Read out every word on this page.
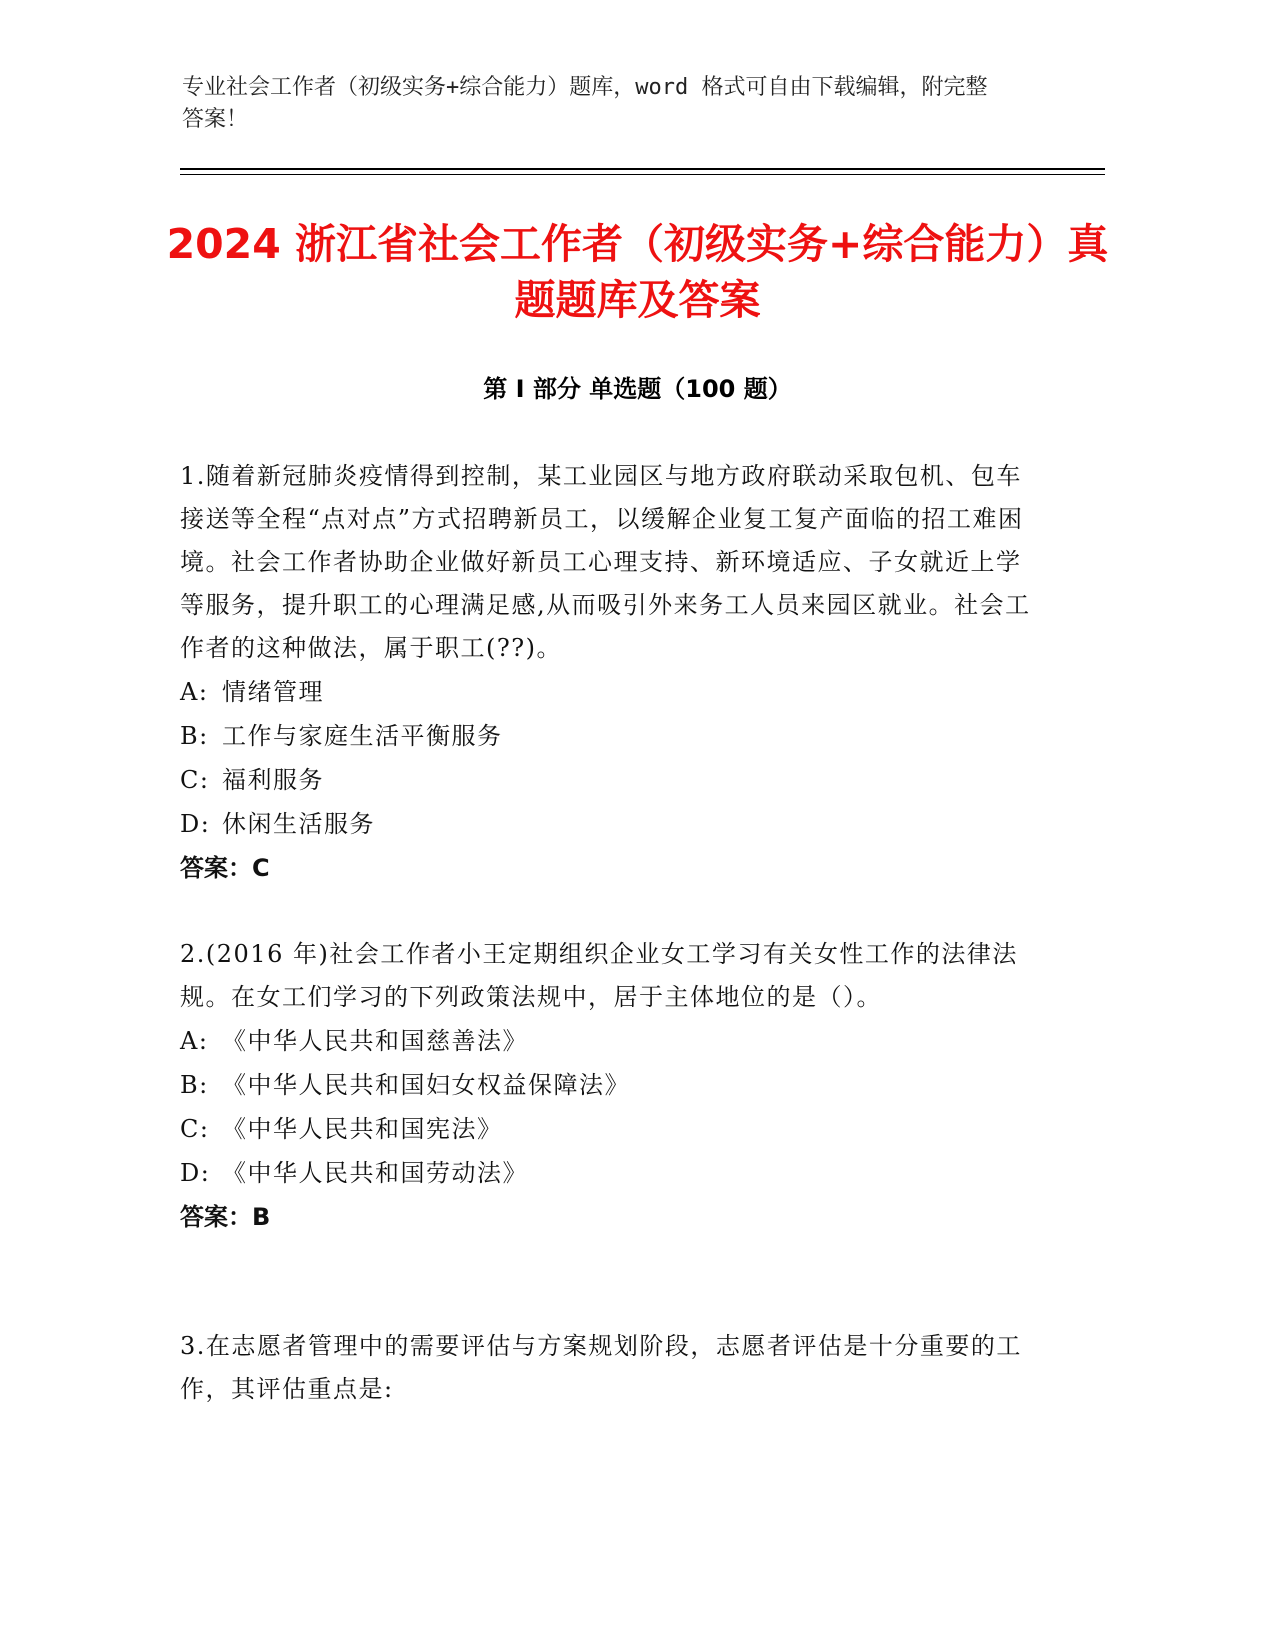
专业社会工作者（初级实务+综合能力）题库，word 格式可自由下载编辑，附完整
答案！
2024 浙江省社会工作者（初级实务+综合能力）真题题库及答案
第 I 部分 单选题（100 题）
1.随着新冠肺炎疫情得到控制，某工业园区与地方政府联动采取包机、包车接送等全程“点对点”方式招聘新员工，以缓解企业复工复产面临的招工难困境。社会工作者协助企业做好新员工心理支持、新环境适应、子女就近上学等服务，提升职工的心理满足感,从而吸引外来务工人员来园区就业。社会工作者的这种做法，属于职工(??)。
A: 情绪管理
B: 工作与家庭生活平衡服务
C: 福利服务
D: 休闲生活服务
答案：C
2.(2016 年)社会工作者小王定期组织企业女工学习有关女性工作的法律法规。在女工们学习的下列政策法规中，居于主体地位的是（）。
A: 《中华人民共和国慈善法》
B: 《中华人民共和国妇女权益保障法》
C: 《中华人民共和国宪法》
D: 《中华人民共和国劳动法》
答案：B
3.在志愿者管理中的需要评估与方案规划阶段，志愿者评估是十分重要的工作，其评估重点是:
